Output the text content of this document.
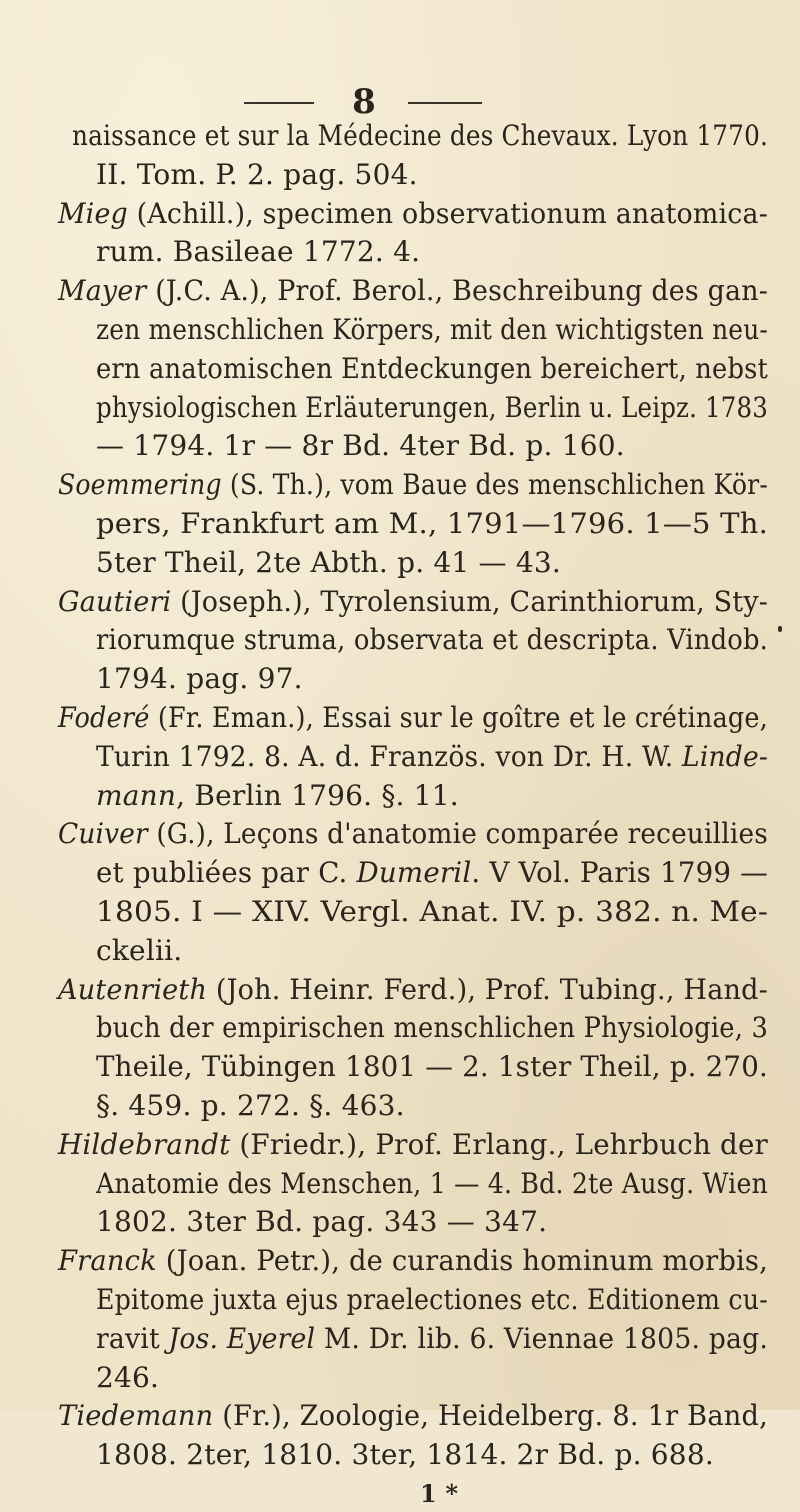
8
naissance et sur la Médecine des Chevaux. Lyon 1770.
II. Tom. P. 2. pag. 504.
Mieg (Achill.), specimen observationum anatomica-
rum. Basileae 1772. 4.
Mayer (J.C. A.), Prof. Berol., Beschreibung des gan-
zen menschlichen Körpers, mit den wichtigsten neu-
ern anatomischen Entdeckungen bereichert, nebst
physiologischen Erläuterungen, Berlin u. Leipz. 1783
— 1794. 1r — 8r Bd. 4ter Bd. p. 160.
Soemmering (S. Th.), vom Baue des menschlichen Kör-
pers, Frankfurt am M., 1791—1796. 1—5 Th.
5ter Theil, 2te Abth. p. 41 — 43.
Gautieri (Joseph.), Tyrolensium, Carinthiorum, Sty-
riorumque struma, observata et descripta. Vindob.
1794. pag. 97.
Foderé (Fr. Eman.), Essai sur le goître et le crétinage,
Turin 1792. 8. A. d. Französ. von Dr. H. W. Linde-
mann, Berlin 1796. §. 11.
Cuiver (G.), Leçons d'anatomie comparée receuillies
et publiées par C. Dumeril. V Vol. Paris 1799 —
1805. I — XIV. Vergl. Anat. IV. p. 382. n. Me-
ckelii.
Autenrieth (Joh. Heinr. Ferd.), Prof. Tubing., Hand-
buch der empirischen menschlichen Physiologie, 3
Theile, Tübingen 1801 — 2. 1ster Theil, p. 270.
§. 459. p. 272. §. 463.
Hildebrandt (Friedr.), Prof. Erlang., Lehrbuch der
Anatomie des Menschen, 1 — 4. Bd. 2te Ausg. Wien
1802. 3ter Bd. pag. 343 — 347.
Franck (Joan. Petr.), de curandis hominum morbis,
Epitome juxta ejus praelectiones etc. Editionem cu-
ravit Jos. Eyerel M. Dr. lib. 6. Viennae 1805. pag.
246.
Tiedemann (Fr.), Zoologie, Heidelberg. 8. 1r Band,
1808. 2ter, 1810. 3ter, 1814. 2r Bd. p. 688.
1 *
